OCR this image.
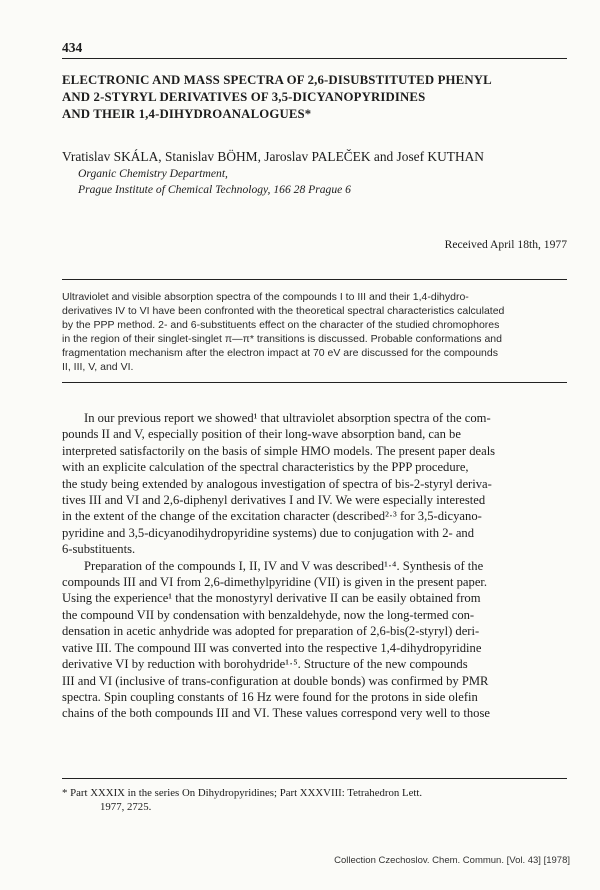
434
ELECTRONIC AND MASS SPECTRA OF 2,6-DISUBSTITUTED PHENYL
AND 2-STYRYL DERIVATIVES OF 3,5-DICYANOPYRIDINES
AND THEIR 1,4-DIHYDROANALOGUES*
Vratislav SKÁLA, Stanislav BÖHM, Jaroslav PALEČEK and Josef KUTHAN
Organic Chemistry Department,
Prague Institute of Chemical Technology, 166 28 Prague 6
Received April 18th, 1977
Ultraviolet and visible absorption spectra of the compounds I to III and their 1,4-dihydro-
derivatives IV to VI have been confronted with the theoretical spectral characteristics calculated
by the PPP method. 2- and 6-substituents effect on the character of the studied chromophores
in the region of their singlet-singlet π—π* transitions is discussed. Probable conformations and
fragmentation mechanism after the electron impact at 70 eV are discussed for the compounds
II, III, V, and VI.
In our previous report we showed¹ that ultraviolet absorption spectra of the com-
pounds II and V, especially position of their long-wave absorption band, can be
interpreted satisfactorily on the basis of simple HMO models. The present paper deals
with an explicite calculation of the spectral characteristics by the PPP procedure,
the study being extended by analogous investigation of spectra of bis-2-styryl deriva-
tives III and VI and 2,6-diphenyl derivatives I and IV. We were especially interested
in the extent of the change of the excitation character (described²·³ for 3,5-dicyano-
pyridine and 3,5-dicyanodihydropyridine systems) due to conjugation with 2- and
6-substituents.
Preparation of the compounds I, II, IV and V was described¹·⁴. Synthesis of the
compounds III and VI from 2,6-dimethylpyridine (VII) is given in the present paper.
Using the experience¹ that the monostyryl derivative II can be easily obtained from
the compound VII by condensation with benzaldehyde, now the long-termed con-
densation in acetic anhydride was adopted for preparation of 2,6-bis(2-styryl) deri-
vative III. The compound III was converted into the respective 1,4-dihydropyridine
derivative VI by reduction with borohydride¹·⁵. Structure of the new compounds
III and VI (inclusive of trans-configuration at double bonds) was confirmed by PMR
spectra. Spin coupling constants of 16 Hz were found for the protons in side olefin
chains of the both compounds III and VI. These values correspond very well to those
* Part XXXIX in the series On Dihydropyridines; Part XXXVIII: Tetrahedron Lett.
1977, 2725.
Collection Czechoslov. Chem. Commun. [Vol. 43] [1978]
